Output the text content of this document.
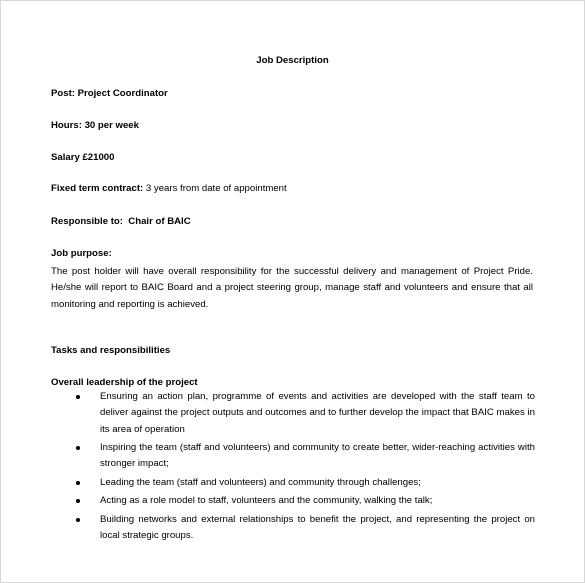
Job Description
Post: Project Coordinator
Hours: 30 per week
Salary £21000
Fixed term contract: 3 years from date of appointment
Responsible to:  Chair of BAIC
Job purpose:
The post holder will have overall responsibility for the successful delivery and management of Project Pride. He/she will report to BAIC Board and a project steering group, manage staff and volunteers and ensure that all monitoring and reporting is achieved.
Tasks and responsibilities
Overall leadership of the project
Ensuring an action plan, programme of events and activities are developed with the staff team to deliver against the project outputs and outcomes and to further develop the impact that BAIC makes in its area of operation
Inspiring the team (staff and volunteers) and community to create better, wider-reaching activities with stronger impact;
Leading the team (staff and volunteers) and community through challenges;
Acting as a role model to staff, volunteers and the community, walking the talk;
Building networks and external relationships to benefit the project, and representing the project on local strategic groups.
